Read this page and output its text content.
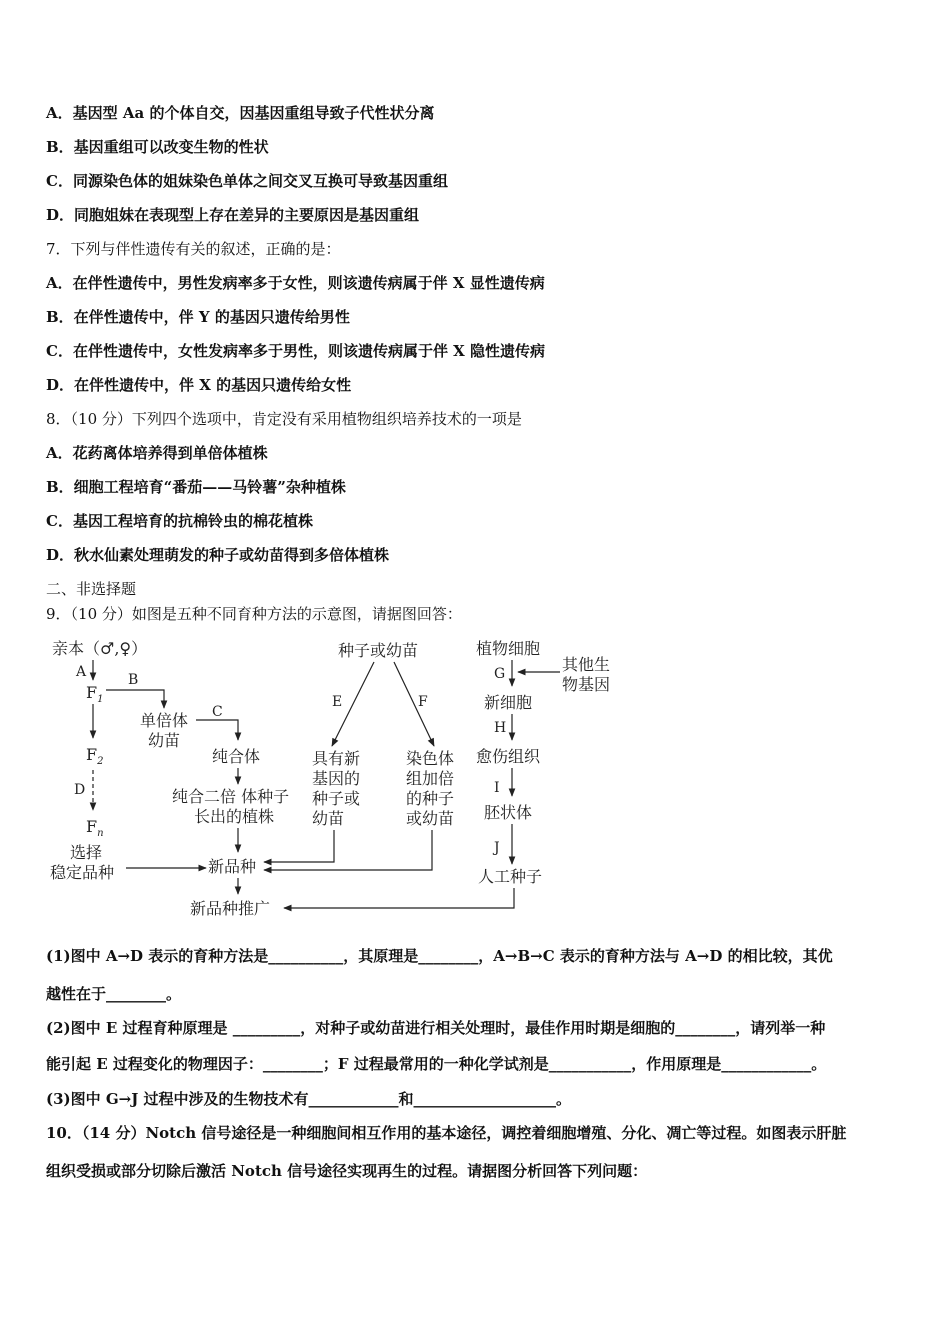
A．基因型 Aa 的个体自交，因基因重组导致子代性状分离
B．基因重组可以改变生物的性状
C．同源染色体的姐妹染色单体之间交叉互换可导致基因重组
D．同胞姐妹在表现型上存在差异的主要原因是基因重组
7．下列与伴性遗传有关的叙述，正确的是：
A．在伴性遗传中，男性发病率多于女性，则该遗传病属于伴 X 显性遗传病
B．在伴性遗传中，伴 Y 的基因只遗传给男性
C．在伴性遗传中，女性发病率多于男性，则该遗传病属于伴 X 隐性遗传病
D．在伴性遗传中，伴 X 的基因只遗传给女性
8．（10 分）下列四个选项中，肯定没有采用植物组织培养技术的一项是
A．花药离体培养得到单倍体植株
B．细胞工程培育“番茄——马铃薯”杂种植株
C．基因工程培育的抗棉铃虫的棉花植株
D．秋水仙素处理萌发的种子或幼苗得到多倍体植株
二、非选择题
9．（10 分）如图是五种不同育种方法的示意图，请据图回答：
亲本（♂,♀）
A
$F_1$
B
单倍体
幼苗
C
纯合体
纯合二倍 体种子
长出的植株
$F_2$
D
$F_n$
选择
稳定品种	新品种
新品种推广
种子或幼苗
E	F
具有新
基因的
种子或
幼苗
染色体
组加倍
的种子
或幼苗
植物细胞
G	其他生
物基因
新细胞
H
愈伤组织
I
胚状体
J
人工种子
(1)图中 A→D 表示的育种方法是__________，其原理是________，A→B→C 表示的育种方法与 A→D 的相比较，其优
越性在于________。
(2)图中 E 过程育种原理是 _________，对种子或幼苗进行相关处理时，最佳作用时期是细胞的________，请列举一种
能引起 E 过程变化的物理因子：________；F 过程最常用的一种化学试剂是___________，作用原理是____________。
(3)图中 G→J 过程中涉及的生物技术有____________和___________________。
10．（14 分）Notch 信号途径是一种细胞间相互作用的基本途径，调控着细胞增殖、分化、凋亡等过程。如图表示肝脏
组织受损或部分切除后激活 Notch 信号途径实现再生的过程。请据图分析回答下列问题：
